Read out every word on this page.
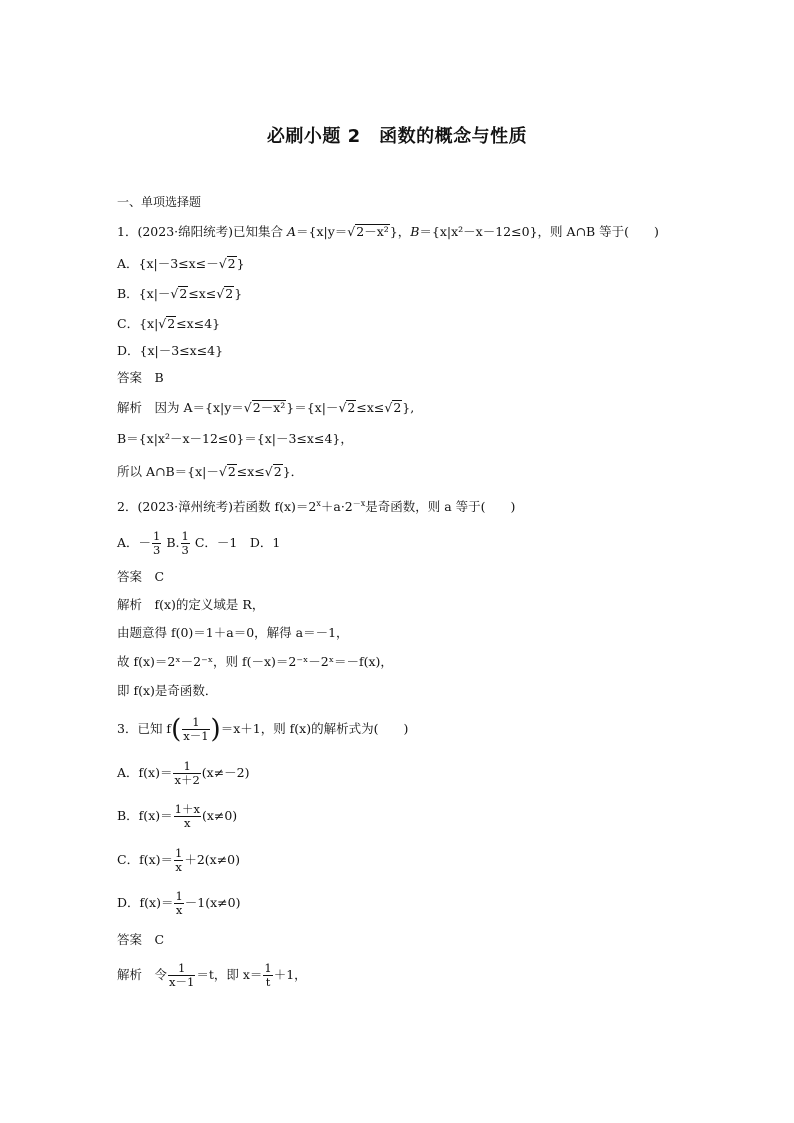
必刷小题 2　函数的概念与性质
一、单项选择题
1．(2023·绵阳统考)已知集合 A＝{x|y＝√2－x²}，B＝{x|x²－x－12≤0}，则 A∩B 等于(　　)
A．{x|－3≤x≤－√2}
B．{x|－√2≤x≤√2}
C．{x|√2≤x≤4}
D．{x|－3≤x≤4}
答案　B
解析　因为 A＝{x|y＝√2－x²}＝{x|－√2≤x≤√2},
B＝{x|x²－x－12≤0}＝{x|－3≤x≤4}，
所以 A∩B＝{x|－√2≤x≤√2}．
2．(2023·漳州统考)若函数 $f(x)=2^x+a\cdot 2^{-x}$是奇函数，则 a 等于(　　)
A．－ $\frac{1}{3} B$. $\frac{1}{3}$ C．－1　D．1
答案　C
解析　f(x)的定义域是 R，
由题意得 f(0)＝1＋a＝0，解得 a＝－1，
故 f(x)＝2ˣ－2⁻ˣ，则 f(－x)＝2⁻ˣ－2ˣ＝－f(x)，
即 f(x)是奇函数．
3．已知 $f( \frac{1}{x-1} )=x+1$，则 f(x)的解析式为(　　)
A．$f(x)= \frac{1}{x+2} (x\ne-2)$
B．$f(x)= \frac{1+x}{x} (x\ne 0)$
C．$f(x)= \frac{1}{x} +2(x\ne 0)$
D．$f(x)= \frac{1}{x} -1(x\ne 0)$
答案　C
解析　令 $\frac{1}{x-1} =t$，即 $x= \frac{1}{t} +1$，
